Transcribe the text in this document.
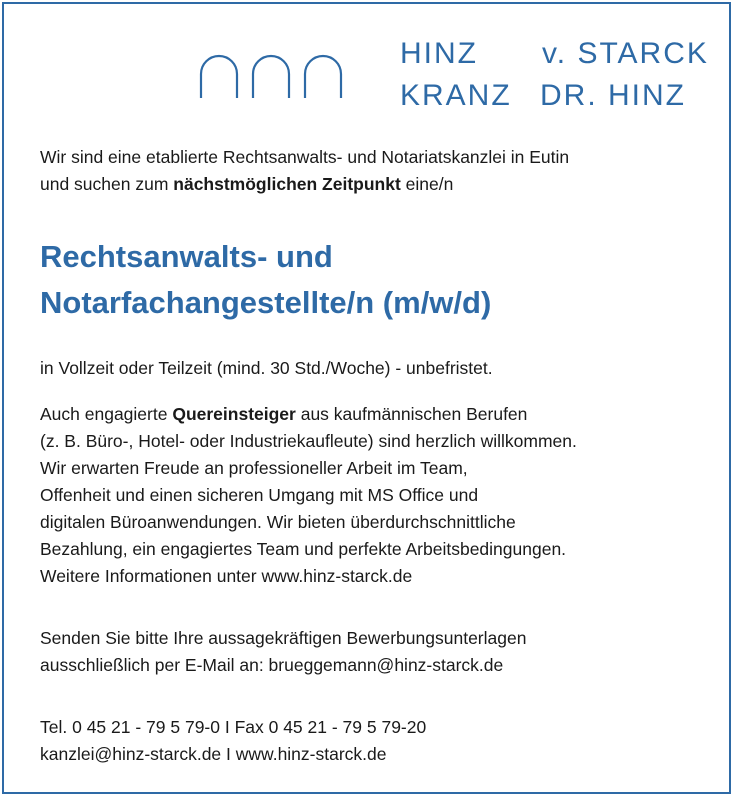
HINZ v. STARCK
KRANZ DR. HINZ
Wir sind eine etablierte Rechtsanwalts- und Notariatskanzlei in Eutin
und suchen zum nächstmöglichen Zeitpunkt eine/n
Rechtsanwalts- und
Notarfachangestellte/n (m/w/d)
in Vollzeit oder Teilzeit (mind. 30 Std./Woche) - unbefristet.
Auch engagierte Quereinsteiger aus kaufmännischen Berufen
(z. B. Büro-, Hotel- oder Industriekaufleute) sind herzlich willkommen.
Wir erwarten Freude an professioneller Arbeit im Team,
Offenheit und einen sicheren Umgang mit MS Office und
digitalen Büroanwendungen. Wir bieten überdurchschnittliche
Bezahlung, ein engagiertes Team und perfekte Arbeitsbedingungen.
Weitere Informationen unter www.hinz-starck.de
Senden Sie bitte Ihre aussagekräftigen Bewerbungsunterlagen
ausschließlich per E-Mail an: brueggemann@hinz-starck.de
Tel. 0 45 21 - 79 5 79-0 I Fax 0 45 21 - 79 5 79-20
kanzlei@hinz-starck.de I www.hinz-starck.de
